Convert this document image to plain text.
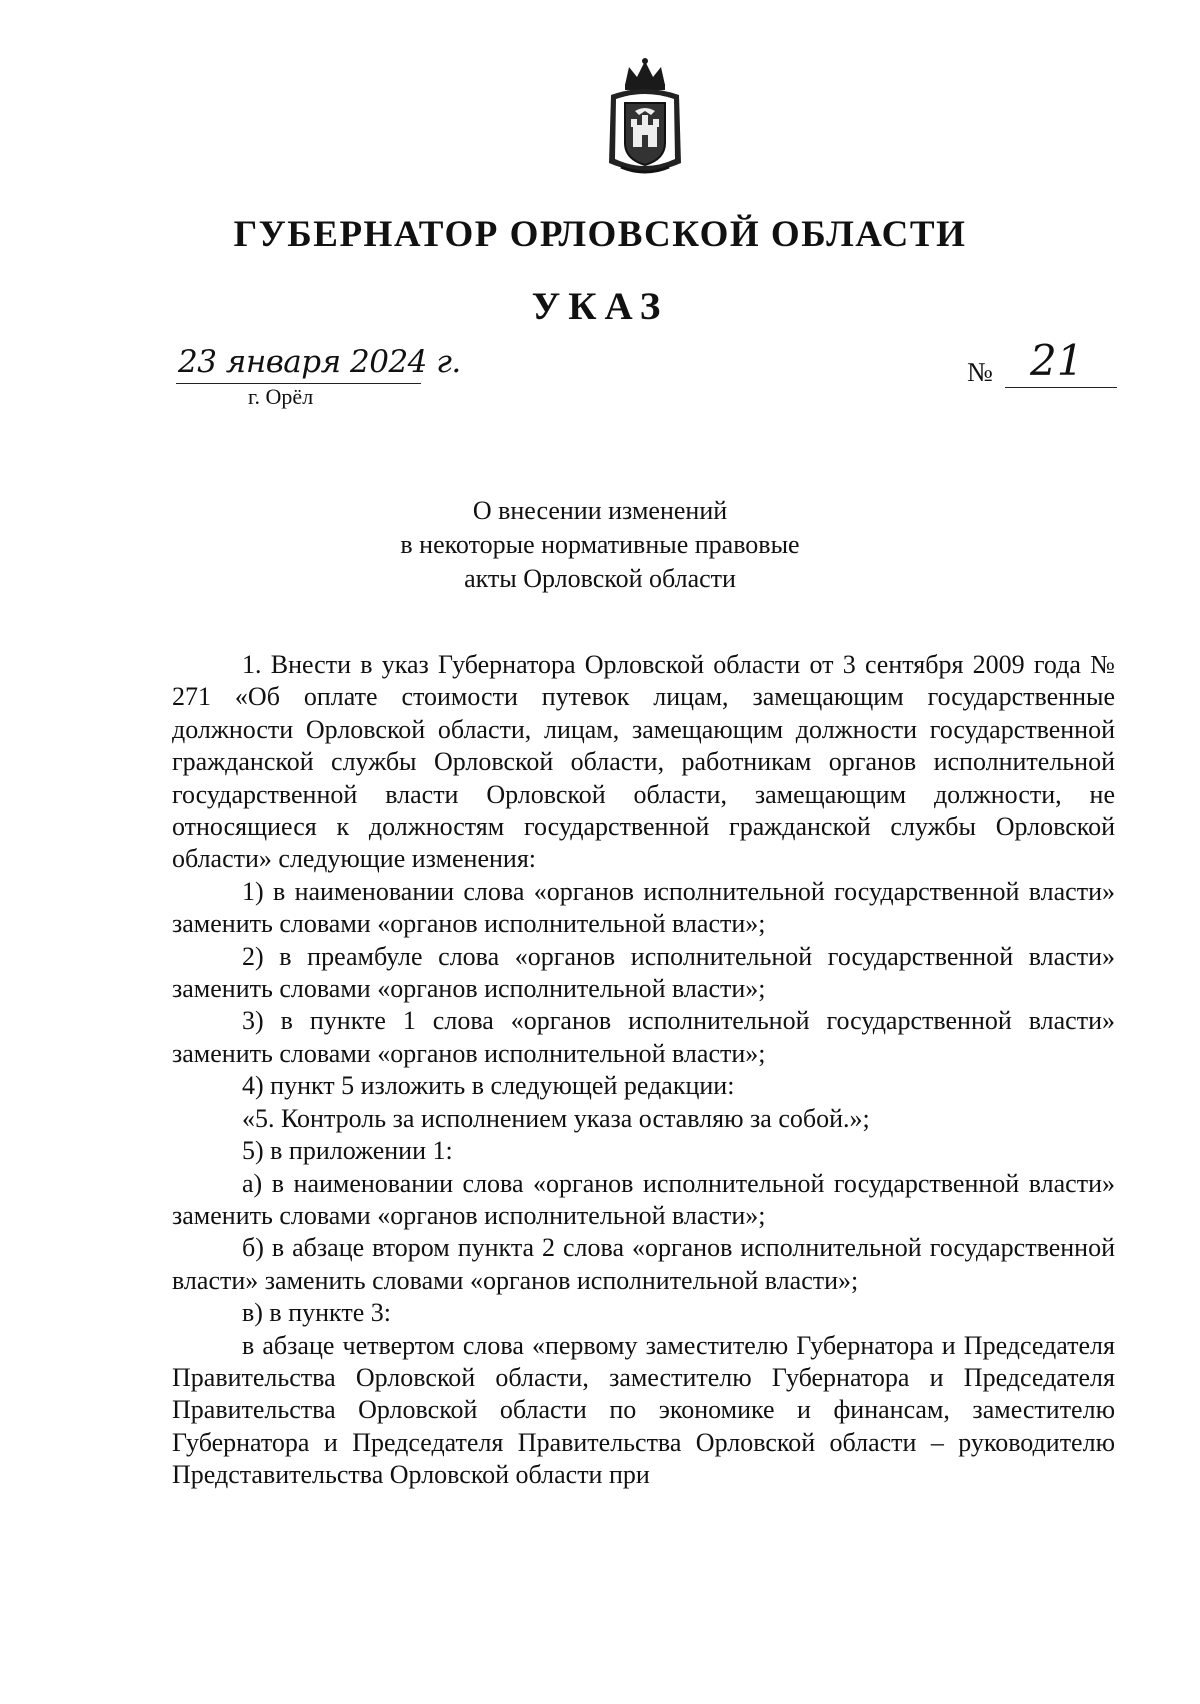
ГУБЕРНАТОР ОРЛОВСКОЙ ОБЛАСТИ
УКАЗ
23 января 2024 г.
г. Орёл
№ 21
О внесении изменений
в некоторые нормативные правовые
акты Орловской области

1. Внести в указ Губернатора Орловской области от 3 сентября 2009 года № 271 «Об оплате стоимости путевок лицам, замещающим государственные должности Орловской области, лицам, замещающим должности государственной гражданской службы Орловской области, работникам органов исполнительной государственной власти Орловской области, замещающим должности, не относящиеся к должностям государственной гражданской службы Орловской области» следующие изменения:

1) в наименовании слова «органов исполнительной государственной власти» заменить словами «органов исполнительной власти»;

2) в преамбуле слова «органов исполнительной государственной власти» заменить словами «органов исполнительной власти»;

3) в пункте 1 слова «органов исполнительной государственной власти» заменить словами «органов исполнительной власти»;

4) пункт 5 изложить в следующей редакции:

«5. Контроль за исполнением указа оставляю за собой.»;

5) в приложении 1:

а) в наименовании слова «органов исполнительной государственной власти» заменить словами «органов исполнительной власти»;

б) в абзаце втором пункта 2 слова «органов исполнительной государственной власти» заменить словами «органов исполнительной власти»;

в) в пункте 3:

в абзаце четвертом слова «первому заместителю Губернатора и Председателя Правительства Орловской области, заместителю Губернатора и Председателя Правительства Орловской области по экономике и финансам, заместителю Губернатора и Председателя Правительства Орловской области – руководителю Представительства Орловской области при
